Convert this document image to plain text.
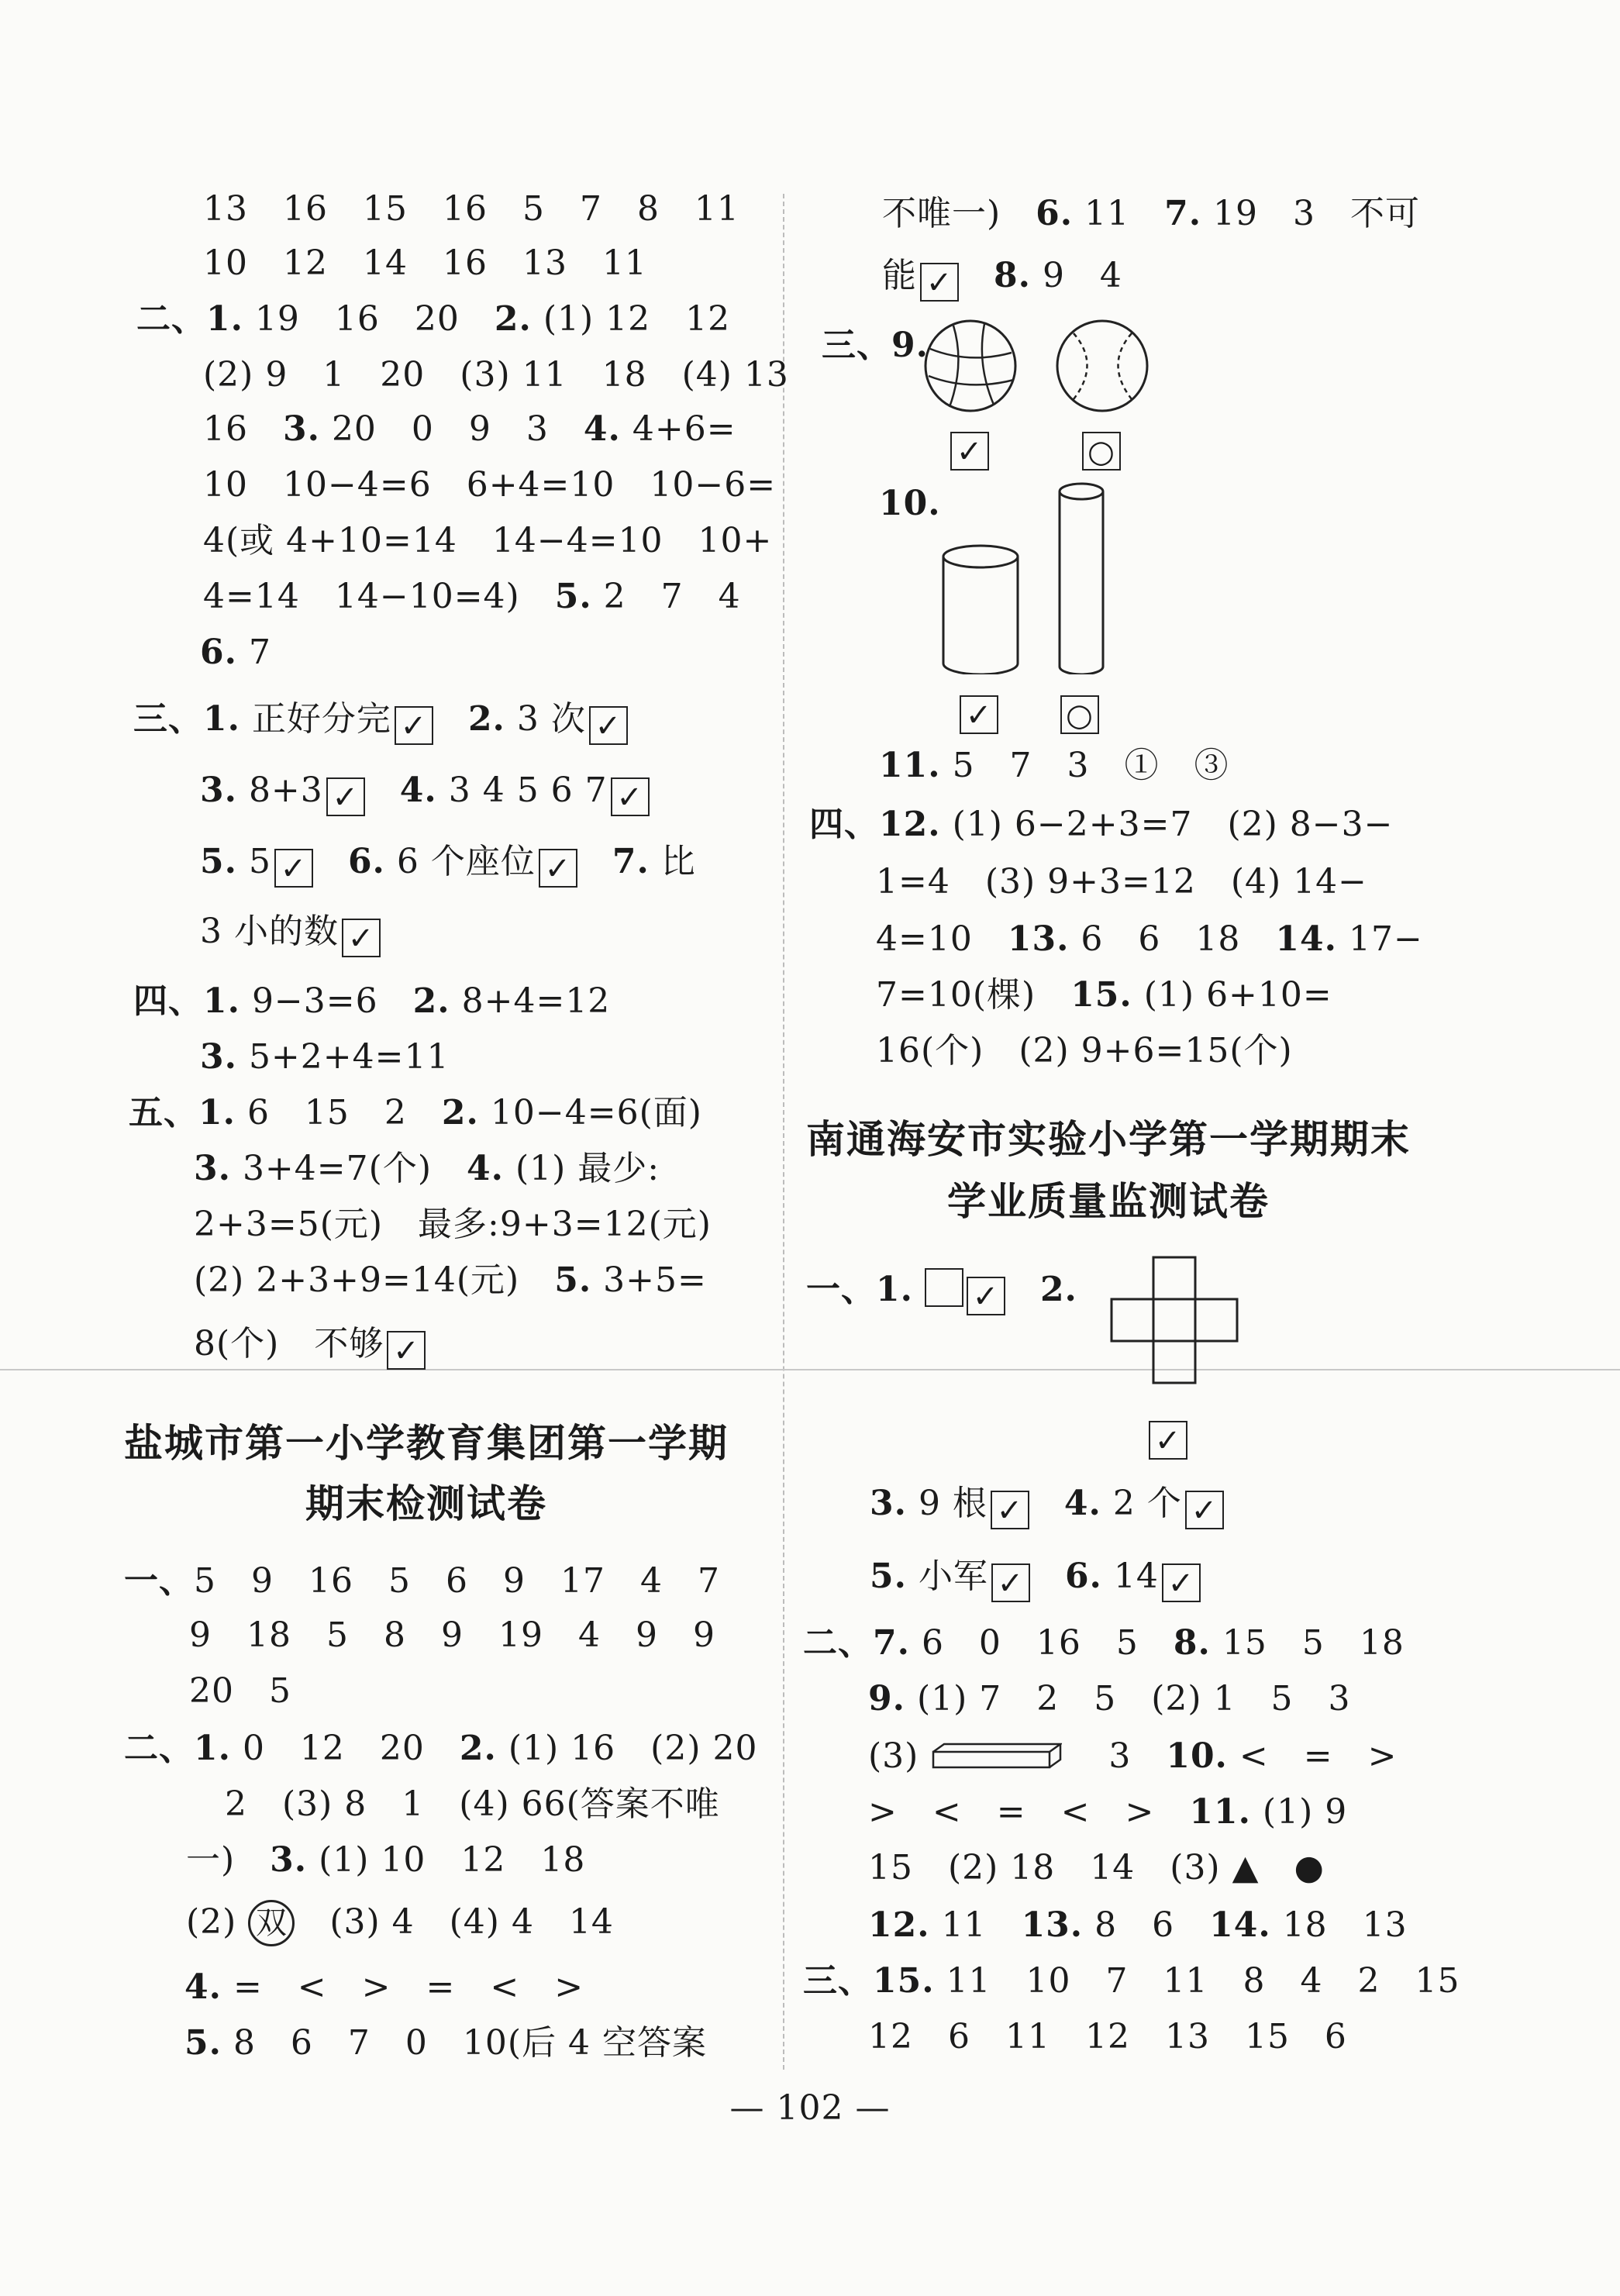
13　16　15　16　5　7　8　11
10　12　14　16　13　11
二、1. 19　16　20　 2. (1) 12　12
(2) 9　1　20　(3) 11　18　(4) 13
16　 3. 20　0　9　3　 4. 4+6=
10　10−4=6　6+4=10　10−6=
4(或 4+10=14　14−4=10　10+
4=14　14−10=4)　 5. 2　7　4
6. 7
三、1. 正好分完 ✓　 2. 3 次 ✓
3. 8+3 ✓　 4. 3 4 5 6 7 ✓
5. 5 ✓　 6. 6 个座位 ✓　 7. 比
3 小的数 ✓
四、1. 9−3=6　 2. 8+4=12
3. 5+2+4=11
五、1. 6　15　2　 2. 10−4=6(面)
3. 3+4=7(个)　 4. (1) 最少:
2+3=5(元)　最多:9+3=12(元)
(2) 2+3+9=14(元)　 5. 3+5=
8(个)　不够 ✓
盐城市第一小学教育集团第一学期
期末检测试卷
一、5　9　16　5　6　9　17　4　7
9　18　5　8　9　19　4　9　9
20　5
二、1. 0　12　20　 2. (1) 16　(2) 20
2　(3) 8　1　(4) 66(答案不唯
一)　 3. (1) 10　12　18
(2) 双　 (3) 4　(4) 4　14
4. =　<　>　=　<　>
5. 8　6　7　0　10(后 4 空答案
不唯一)　 6. 11　 7. 19　3　不可
能 ✓　 8. 9　4
三、9.
✓	○
10.
✓ ○
11. 5　7　3　①　③
四、12. (1) 6−2+3=7　(2) 8−3−
1=4　(3) 9+3=12　(4) 14−
4=10　 13. 6　6　18　 14. 17−
7=10(棵)　 15. (1) 6+10=
16(个)　(2) 9+6=15(个)
南通海安市实验小学第一学期期末
学业质量监测试卷
一、1. ✓　 2.
✓
3. 9 根 ✓　 4. 2 个 ✓
5. 小军 ✓　 6. 14 ✓
二、7. 6　0　16　5　 8. 15　5　18
9. (1) 7　2　5　(2) 1　5　3
(3)  　	3　 10. <　=　>
>　<　=　<　>　 11. (1) 9
15　(2) 18　14　(3) ▲　●
12. 11　 13. 8　6　 14. 18　13
三、15. 11　10　7　11　8　4　2　15
12　6　11　12　13　15　6
— 102 —
